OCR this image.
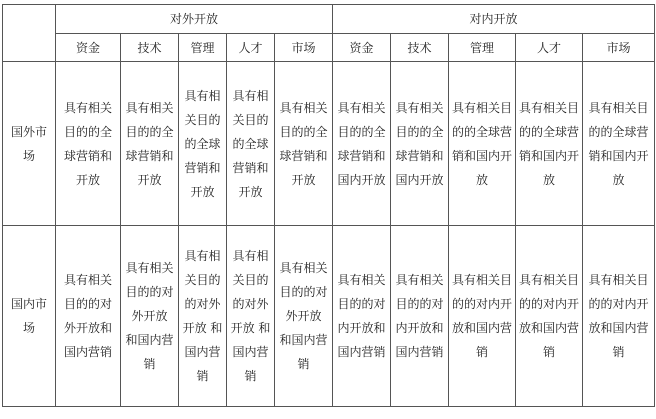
	对外开放					对内开放				
	资金	技术	管理	人才	市场	资金	技术	管理	人才	市场
国外市场	具有相关目的的全球营销和开放	具有相关目的的全球营销和开放	具有相关目的的全球营销和开放	具有相关目的的全球营销和开放	具有相关目的的全球营销和开放	具有相关目的的全球营销和国内开放	具有相关目的的全球营销和国内开放	具有相关目的的全球营销和国内开放	具有相关目的的全球营销和国内开放	具有相关目的的全球营销和国内开放
国内市场	具有相关目的的对外开放和国内营销	具有相关目的的对外开放 和国内营销	具有相关目的的对外开放 和国内营销	具有相关目的的对外开放 和国内营销	具有相关目的的对外开放 和国内营销	具有相关目的的对内开放和国内营销	具有相关目的的对内开放和国内营销	具有相关目的的对内开放和国内营销	具有相关目的的对内开放和国内营销	具有相关目的的对内开放和国内营销
